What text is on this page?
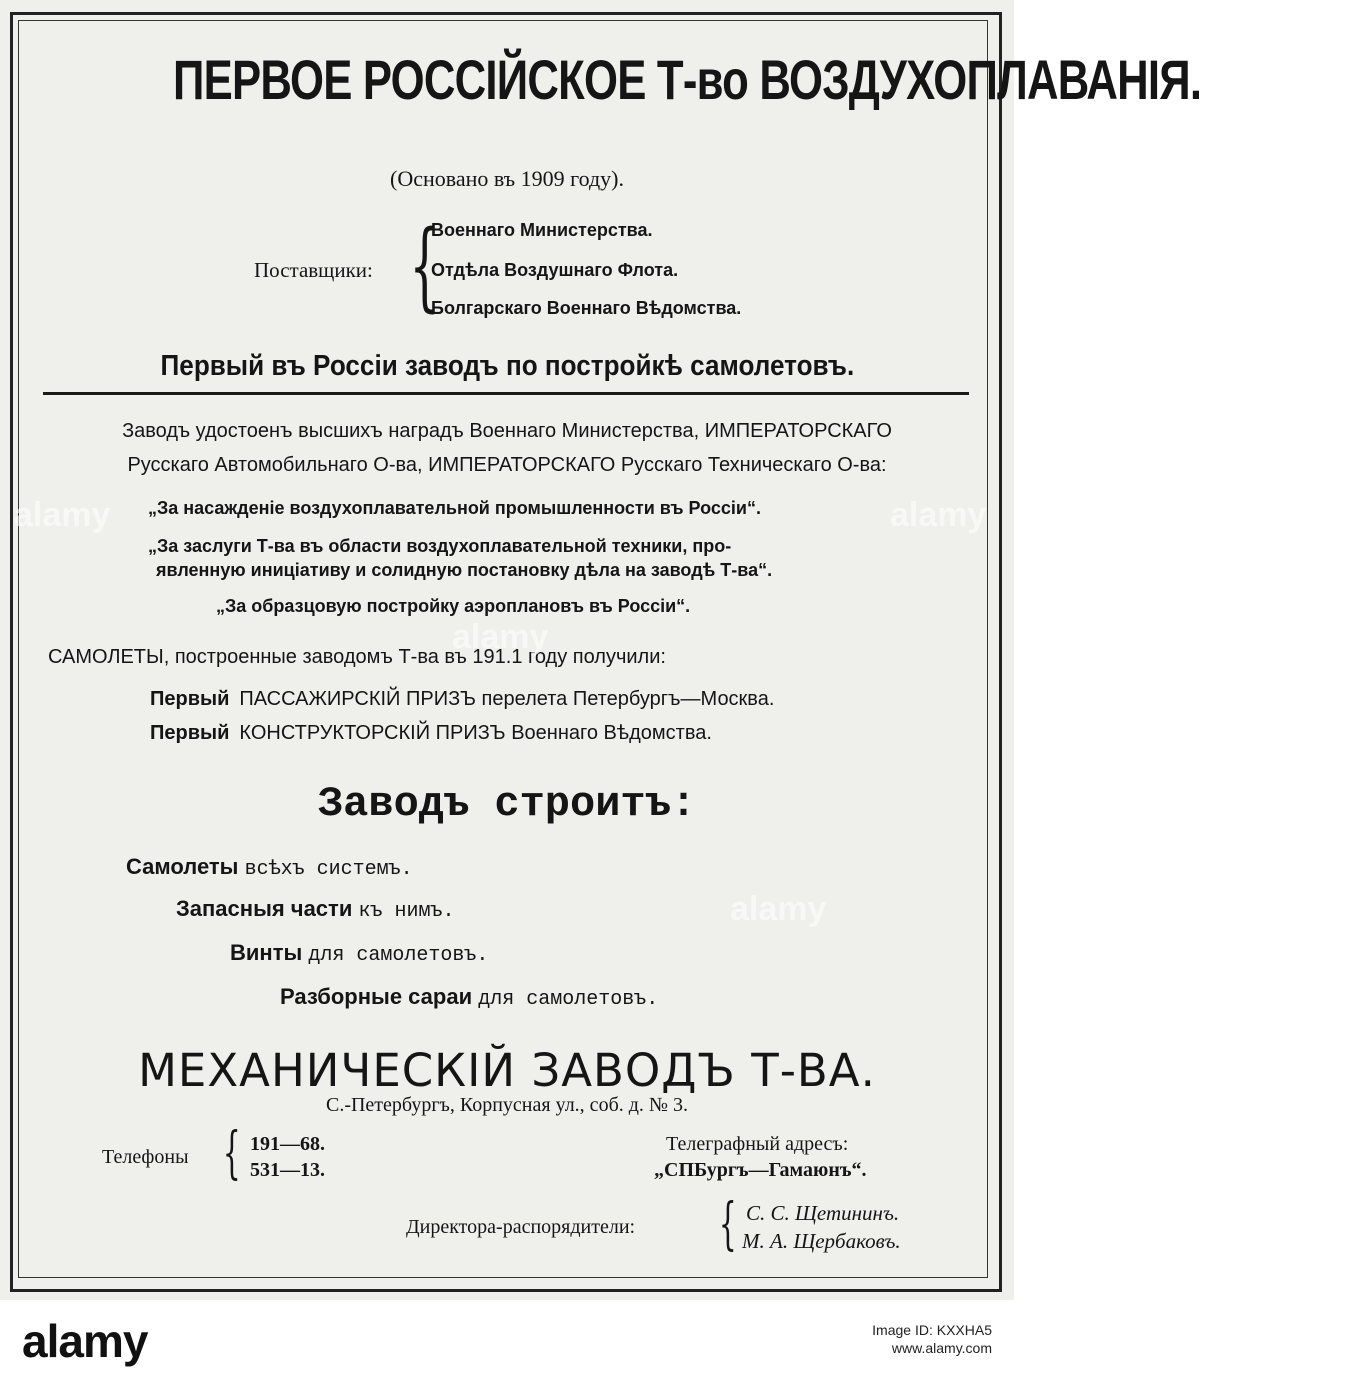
ПЕРВОЕ РОССІЙСКОЕ Т-во ВОЗДУХОПЛАВАНІЯ.
(Основано въ 1909 году).
Поставщики: {
Военнаго Министерства.
Отдѣла Воздушнаго Флота.
Болгарскаго Военнаго Вѣдомства.
Первый въ Россіи заводъ по постройкѣ самолетовъ.
Заводъ удостоенъ высшихъ наградъ Военнаго Министерства, ИМПЕРАТОРСКАГО
Русскаго Автомобильнаго О-ва, ИМПЕРАТОРСКАГО Русскаго Техническаго О-ва:
„За насажденіе воздухоплавательной промышленности въ Россіи“.
„За заслуги Т-ва въ области воздухоплавательной техники, про-
явленную иниціативу и солидную постановку дѣла на заводѣ Т-ва“.
„За образцовую постройку аэроплановъ въ Россіи“.
САМОЛЕТЫ, построенные заводомъ Т-ва въ 191.1 году получили:
Первый ПАССАЖИРСКІЙ ПРИЗЪ перелета Петербургъ—Москва.
Первый КОНСТРУКТОРСКІЙ ПРИЗЪ Военнаго Вѣдомства.
Заводъ строитъ:
Самолеты всѣхъ системъ.
Запасныя части къ нимъ.
Винты для самолетовъ.
Разборные сараи для самолетовъ.
МЕХАНИЧЕСКІЙ ЗАВОДЪ Т-ВА.
С.-Петербургъ, Корпусная ул., соб. д. № 3.
Телефоны { 191—68.
531—13.
Телеграфный адресъ:
„СПБургъ—Гамаюнъ“.
Директора-распорядители: { С. С. Щетининъ.
М. А. Щербаковъ.
alamy
alamy
alamy
alamy
alamy	Image ID: KXXHA5
www.alamy.com
